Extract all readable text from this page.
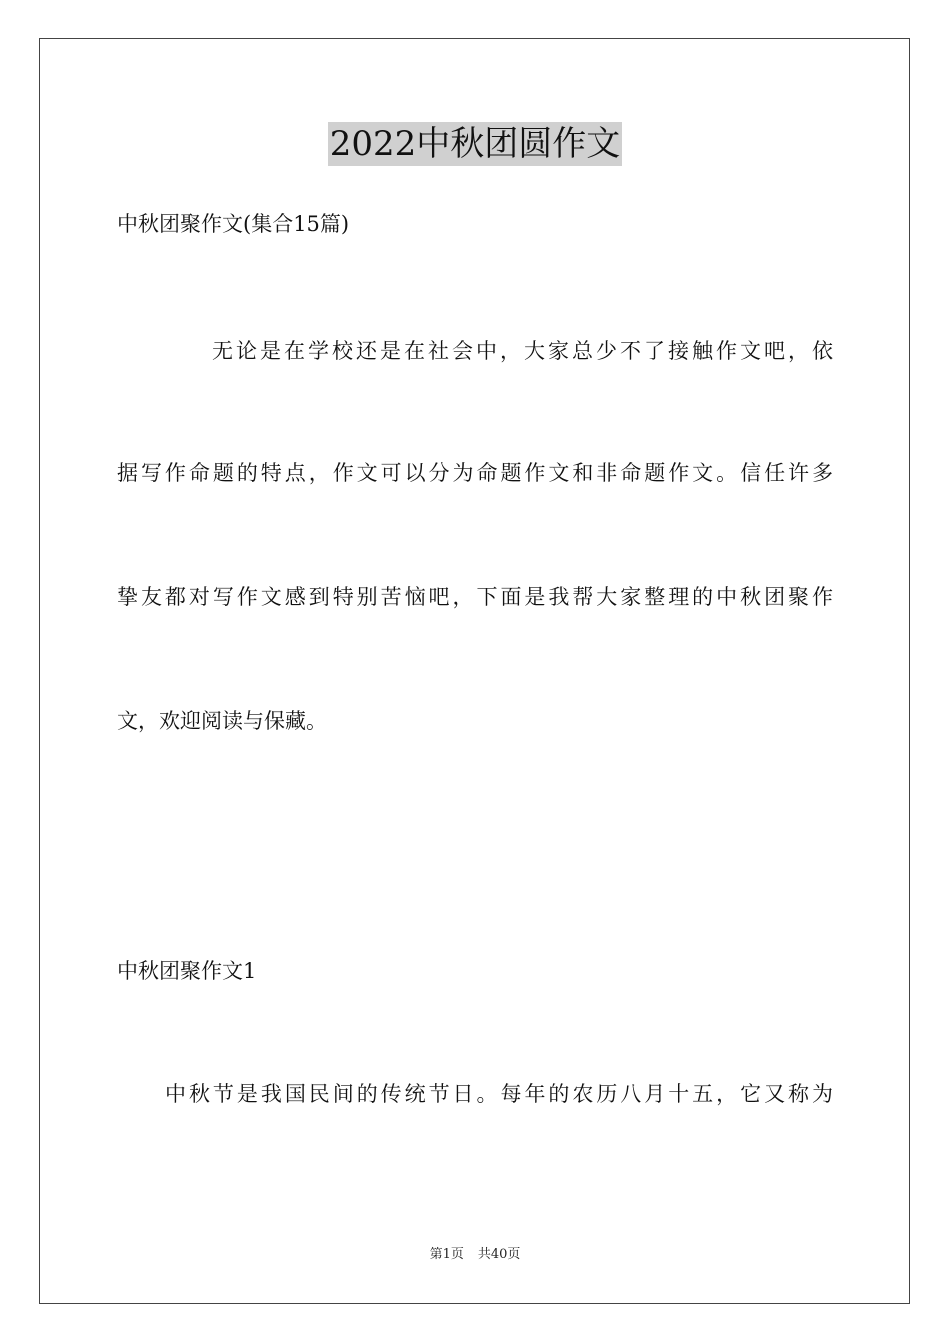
2022中秋团圆作文
中秋团聚作文(集合15篇)
无论是在学校还是在社会中，大家总少不了接触作文吧，依
据写作命题的特点，作文可以分为命题作文和非命题作文。信任许多
挚友都对写作文感到特别苦恼吧，下面是我帮大家整理的中秋团聚作
文，欢迎阅读与保藏。
中秋团聚作文1
中秋节是我国民间的传统节日。每年的农历八月十五，它又称为
第1页 共40页
